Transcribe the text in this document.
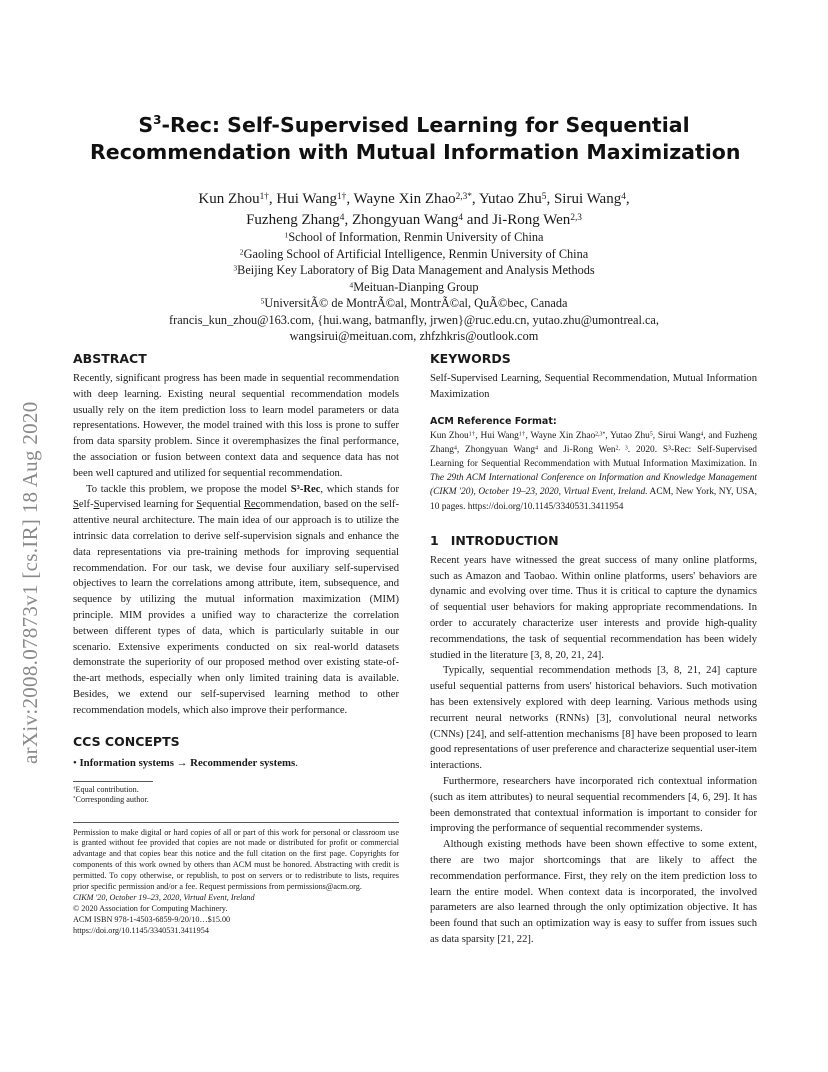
arXiv:2008.07873v1 [cs.IR] 18 Aug 2020
$S^3$-Rec: Self-Supervised Learning for Sequential
Recommendation with Mutual Information Maximization
Kun Zhou$^{1\dagger}$, Hui Wang$^{1\dagger}$, Wayne Xin Zhao$^{2,3*}$, Yutao Zhu$^5$, Sirui Wang$^4$,
Fuzheng Zhang$^4$, Zhongyuan Wang$^4$ and Ji-Rong Wen$^{2,3}$
$^1$School of Information, Renmin University of China
$^2$Gaoling School of Artificial Intelligence, Renmin University of China
$^3$Beijing Key Laboratory of Big Data Management and Analysis Methods
$^4$Meituan-Dianping Group
$^5$UniversitÃ© de MontrÃ©al, MontrÃ©al, QuÃ©bec, Canada
francis_kun_zhou@163.com, {hui.wang, batmanfly, jrwen}@ruc.edu.cn, yutao.zhu@umontreal.ca,
wangsirui@meituan.com, zhfzhkris@outlook.com
ABSTRACT

Recently, significant progress has been made in sequential recommendation with deep learning. Existing neural sequential recommendation models usually rely on the item prediction loss to learn model parameters or data representations. However, the model trained with this loss is prone to suffer from data sparsity problem. Since it overemphasizes the final performance, the association or fusion between context data and sequence data has not been well captured and utilized for sequential recommendation.

To tackle this problem, we propose the model S³-Rec, which stands for Self-Supervised learning for Sequential Recommendation, based on the self-attentive neural architecture. The main idea of our approach is to utilize the intrinsic data correlation to derive self-supervision signals and enhance the data representations via pre-training methods for improving sequential recommendation. For our task, we devise four auxiliary self-supervised objectives to learn the correlations among attribute, item, subsequence, and sequence by utilizing the mutual information maximization (MIM) principle. MIM provides a unified way to characterize the correlation between different types of data, which is particularly suitable in our scenario. Extensive experiments conducted on six real-world datasets demonstrate the superiority of our proposed method over existing state-of-the-art methods, especially when only limited training data is available. Besides, we extend our self-supervised learning method to other recommendation models, which also improve their performance.

CCS CONCEPTS

• Information systems → Recommender systems.

†Equal contribution.

*Corresponding author.

Permission to make digital or hard copies of all or part of this work for personal or classroom use is granted without fee provided that copies are not made or distributed for profit or commercial advantage and that copies bear this notice and the full citation on the first page. Copyrights for components of this work owned by others than ACM must be honored. Abstracting with credit is permitted. To copy otherwise, or republish, to post on servers or to redistribute to lists, requires prior specific permission and/or a fee. Request permissions from permissions@acm.org.

CIKM '20, October 19–23, 2020, Virtual Event, Ireland

© 2020 Association for Computing Machinery.

ACM ISBN 978-1-4503-6859-9/20/10…$15.00

https://doi.org/10.1145/3340531.3411954

KEYWORDS

Self-Supervised Learning, Sequential Recommendation, Mutual Information Maximization

ACM Reference Format:

Kun Zhou$^{1\dagger}$, Hui Wang$^{1\dagger}$, Wayne Xin Zhao$^{2,3*}$, Yutao Zhu$^5$, Sirui Wang$^4$, and Fuzheng Zhang$^4$, Zhongyuan Wang$^4$ and Ji-Rong Wen$^{2, 3}$. 2020. S³-Rec: Self-Supervised Learning for Sequential Recommendation with Mutual Information Maximization. In The 29th ACM International Conference on Information and Knowledge Management (CIKM '20), October 19–23, 2020, Virtual Event, Ireland. ACM, New York, NY, USA, 10 pages. https://doi.org/10.1145/3340531.3411954

1 INTRODUCTION

Recent years have witnessed the great success of many online platforms, such as Amazon and Taobao. Within online platforms, users' behaviors are dynamic and evolving over time. Thus it is critical to capture the dynamics of sequential user behaviors for making appropriate recommendations. In order to accurately characterize user interests and provide high-quality recommendations, the task of sequential recommendation has been widely studied in the literature [3, 8, 20, 21, 24].

Typically, sequential recommendation methods [3, 8, 21, 24] capture useful sequential patterns from users' historical behaviors. Such motivation has been extensively explored with deep learning. Various methods using recurrent neural networks (RNNs) [3], convolutional neural networks (CNNs) [24], and self-attention mechanisms [8] have been proposed to learn good representations of user preference and characterize sequential user-item interactions.

Furthermore, researchers have incorporated rich contextual information (such as item attributes) to neural sequential recommenders [4, 6, 29]. It has been demonstrated that contextual information is important to consider for improving the performance of sequential recommender systems.

Although existing methods have been shown effective to some extent, there are two major shortcomings that are likely to affect the recommendation performance. First, they rely on the item prediction loss to learn the entire model. When context data is incorporated, the involved parameters are also learned through the only optimization objective. It has been found that such an optimization way is easy to suffer from issues such as data sparsity [21, 22].
